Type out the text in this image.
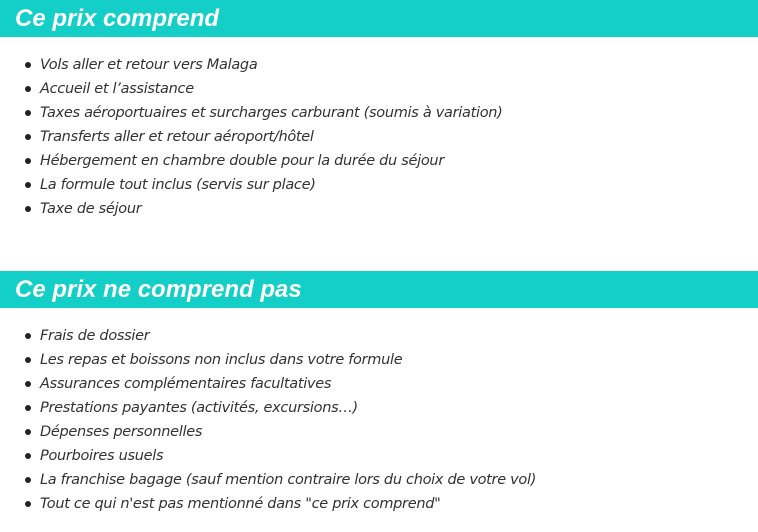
Ce prix comprend
Vols aller et retour vers Malaga
Accueil et l’assistance
Taxes aéroportuaires et surcharges carburant (soumis à variation)
Transferts aller et retour aéroport/hôtel
Hébergement en chambre double pour la durée du séjour
La formule tout inclus (servis sur place)
Taxe de séjour
Ce prix ne comprend pas
Frais de dossier
Les repas et boissons non inclus dans votre formule
Assurances complémentaires facultatives
Prestations payantes (activités, excursions…)
Dépenses personnelles
Pourboires usuels
La franchise bagage (sauf mention contraire lors du choix de votre vol)
Tout ce qui n'est pas mentionné dans "ce prix comprend"
